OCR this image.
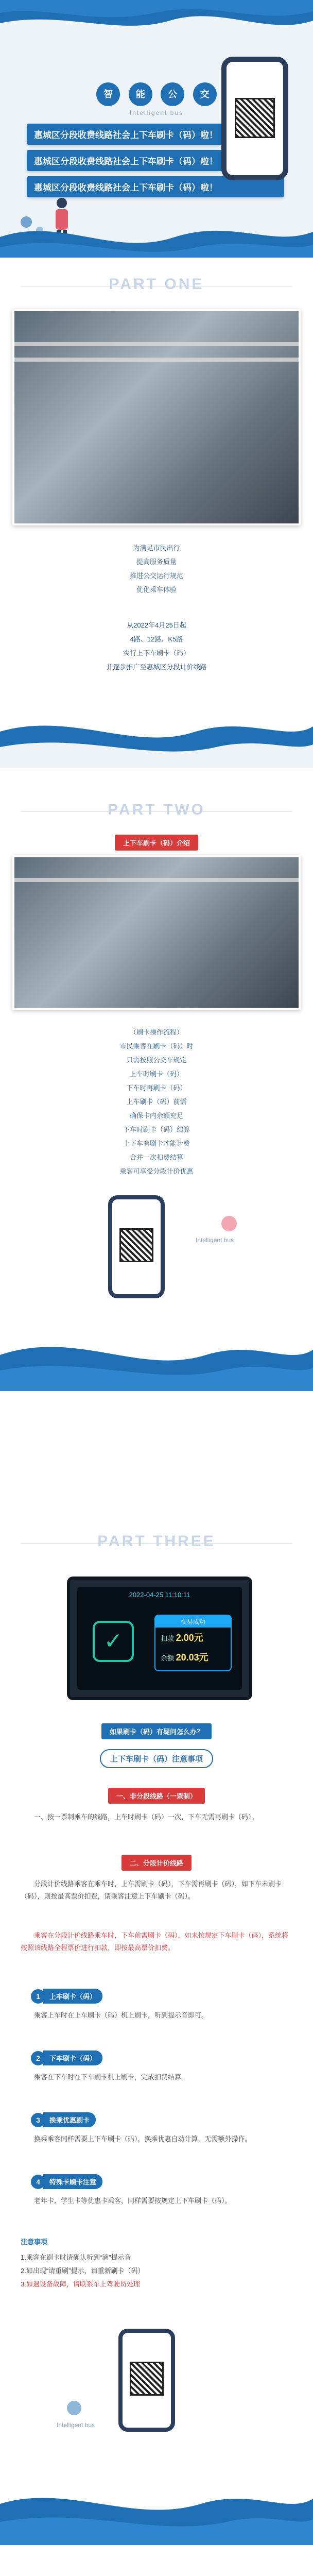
智 能 公 交
Intelligent bus
惠城区分段收费线路社会上下车刷卡（码）啦！
惠城区分段收费线路社会上下车刷卡（码）啦！
惠城区分段收费线路社会上下车刷卡（码）啦！
PART ONE

为满足市民出行

提高服务质量

推进公交运行规范

优化乘车体验

从2022年4月25日起

4路、12路、K5路

实行上下车刷卡（码）

并逐步推广至惠城区分段计价线路

PART TWO
上下车刷卡（码）介绍

（刷卡操作流程）

市民乘客在刷卡（码）时

只需按照公交车规定

上车时刷卡（码）

下车时再刷卡（码）

上车刷卡（码）前需

确保卡内余额充足

下车时刷卡（码）结算

上下车有刷卡才能计费

合并一次扣费结算

乘客可享受分段计价优惠

Intelligent bus
PART THREE
2022-04-25 11:10:11
✓
交易成功
扣款 2.00元
余额 20.03元
如果刷卡（码）有疑问怎么办？
上下车刷卡（码）注意事项
一、非分段线路（一票制）
一、按一票制乘车的线路，上车时刷卡（码）一次，下车无需再刷卡（码）。
二、分段计价线路
分段计价线路乘客在乘车时，上车需刷卡（码），下车需再刷卡（码），如下车未刷卡（码），则按最高票价扣费，请乘客注意上下车刷卡（码）。
乘客在分段计价线路乘车时，下车前需刷卡（码），如未按规定下车刷卡（码），系统将按照该线路全程票价进行扣款，即按最高票价扣费。
1 上车刷卡（码）
乘客上车时在上车刷卡（码）机上刷卡，听到提示音即可。
2 下车刷卡（码）
乘客在下车时在下车刷卡机上刷卡，完成扣费结算。
3 换乘优惠刷卡
换乘乘客同样需要上下车刷卡（码），换乘优惠自动计算，无需额外操作。
4 特殊卡刷卡注意
老年卡、学生卡等优惠卡乘客，同样需要按规定上下车刷卡（码）。
注意事项
1.乘客在刷卡时请确认听到“滴”提示音
2.如出现“请重刷”提示，请重新刷卡（码）
3.如遇设备故障，请联系车上驾驶员处理
Intelligent bus
